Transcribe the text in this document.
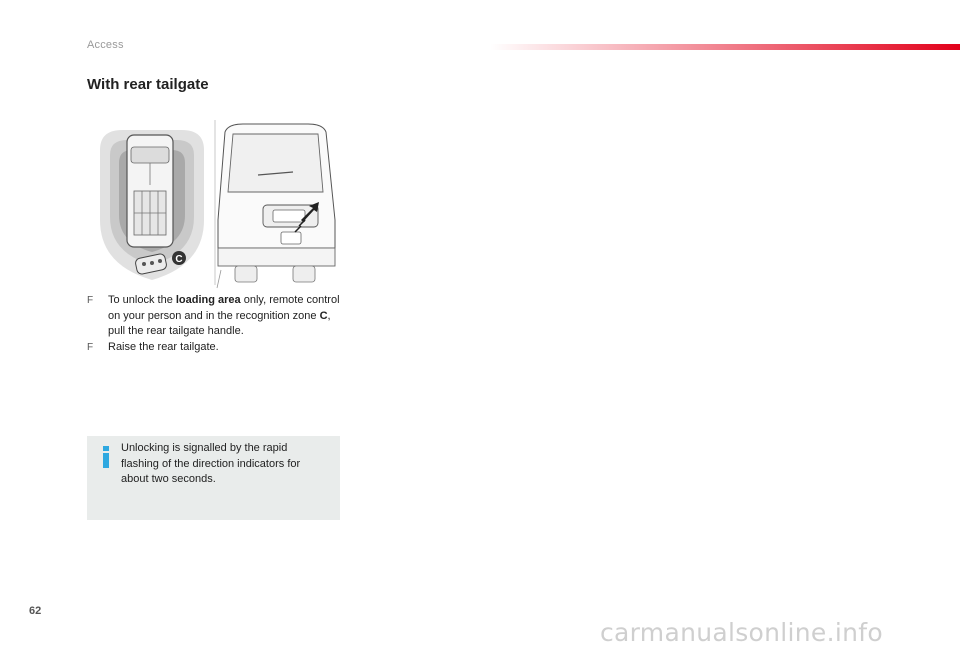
Access
With rear tailgate
C
F To unlock the loading area only, remote control on your person and in the recognition zone C, pull the rear tailgate handle.
F Raise the rear tailgate.
Unlocking is signalled by the rapid flashing of the direction indicators for about two seconds.
62
carmanualsonline.info
